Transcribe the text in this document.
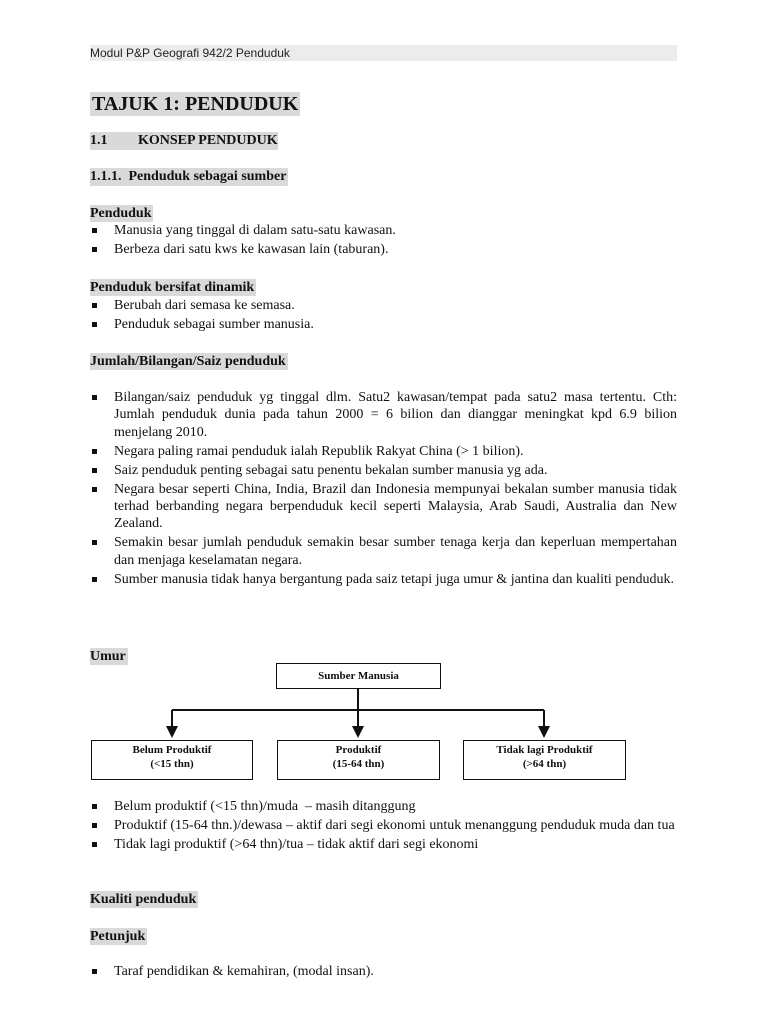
Modul P&P Geografi 942/2 Penduduk
TAJUK 1: PENDUDUK
1.1 KONSEP PENDUDUK
1.1.1.  Penduduk sebagai sumber
Penduduk
Manusia yang tinggal di dalam satu-satu kawasan.
Berbeza dari satu kws ke kawasan lain (taburan).
Penduduk bersifat dinamik
Berubah dari semasa ke semasa.
Penduduk sebagai sumber manusia.
Jumlah/Bilangan/Saiz penduduk
Bilangan/saiz penduduk yg tinggal dlm. Satu2 kawasan/tempat pada satu2 masa tertentu. Cth: Jumlah penduduk dunia pada tahun 2000 = 6 bilion dan dianggar meningkat kpd 6.9 bilion menjelang 2010.
Negara paling ramai penduduk ialah Republik Rakyat China (> 1 bilion).
Saiz penduduk penting sebagai satu penentu bekalan sumber manusia yg ada.
Negara besar seperti China, India, Brazil dan Indonesia mempunyai bekalan sumber manusia tidak terhad berbanding negara berpenduduk kecil seperti Malaysia, Arab Saudi, Australia dan New Zealand.
Semakin besar jumlah penduduk semakin besar sumber tenaga kerja dan keperluan mempertahan dan menjaga keselamatan negara.
Sumber manusia tidak hanya bergantung pada saiz tetapi juga umur & jantina dan kualiti penduduk.
Umur
Sumber Manusia
Belum Produktif
(<15 thn)
Produktif
(15-64 thn)
Tidak lagi Produktif
(>64 thn)
Belum produktif (<15 thn)/muda  – masih ditanggung
Produktif (15-64 thn.)/dewasa – aktif dari segi ekonomi untuk menanggung penduduk muda dan tua
Tidak lagi produktif (>64 thn)/tua – tidak aktif dari segi ekonomi
Kualiti penduduk
Petunjuk
Taraf pendidikan & kemahiran, (modal insan).
